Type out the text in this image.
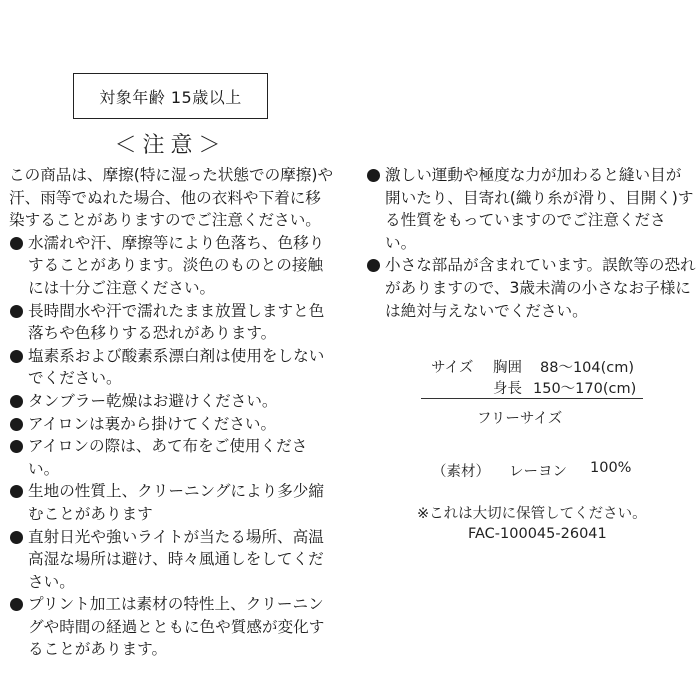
対象年齢 15歳以上
＜注意＞

この商品は、摩擦(特に湿った状態での摩擦)や汗、雨等でぬれた場合、他の衣料や下着に移染することがありますのでご注意ください。

水濡れや汗、摩擦等により色落ち、色移りすることがあります。淡色のものとの接触には十分ご注意ください。

長時間水や汗で濡れたまま放置しますと色落ちや色移りする恐れがあります。

塩素系および酸素系漂白剤は使用をしないでください。

タンブラー乾燥はお避けください。

アイロンは裏から掛けてください。

アイロンの際は、あて布をご使用ください。

生地の性質上、クリーニングにより多少縮むことがあります

直射日光や強いライトが当たる場所、高温高湿な場所は避け、時々風通しをしてください。

プリント加工は素材の特性上、クリーニングや時間の経過とともに色や質感が変化することがあります。

激しい運動や極度な力が加わると縫い目が開いたり、目寄れ(織り糸が滑り、目開く)する性質をもっていますのでご注意ください。

小さな部品が含まれています。誤飲等の恐れがありますので、3歳未満の小さなお子様には絶対与えないでください。

サイズ 胸囲 88〜104(cm)
身長 150〜170(cm)
フリーサイズ
（素材） レーヨン 100%
※これは大切に保管してください。
FAC-100045-26041
